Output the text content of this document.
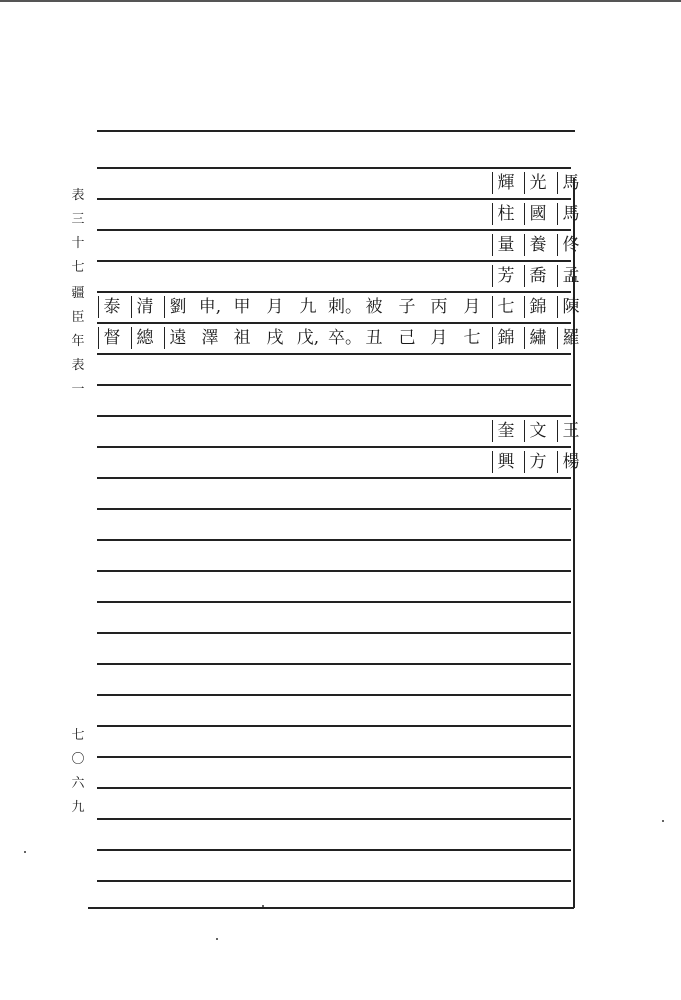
表
三
十
七
疆
臣
年
表
一
七
〇
六
九
馬
光
輝
馬
國
柱
佟
養
量
孟
喬
芳
陳
錦
七
月
丙
子
被
刺。
九
月
甲
申,
劉
清
泰
羅
繡
錦
七
月
己
丑
卒。
戊,
戌
祖
澤
遠
總
督
王
文
奎
楊
方
興
